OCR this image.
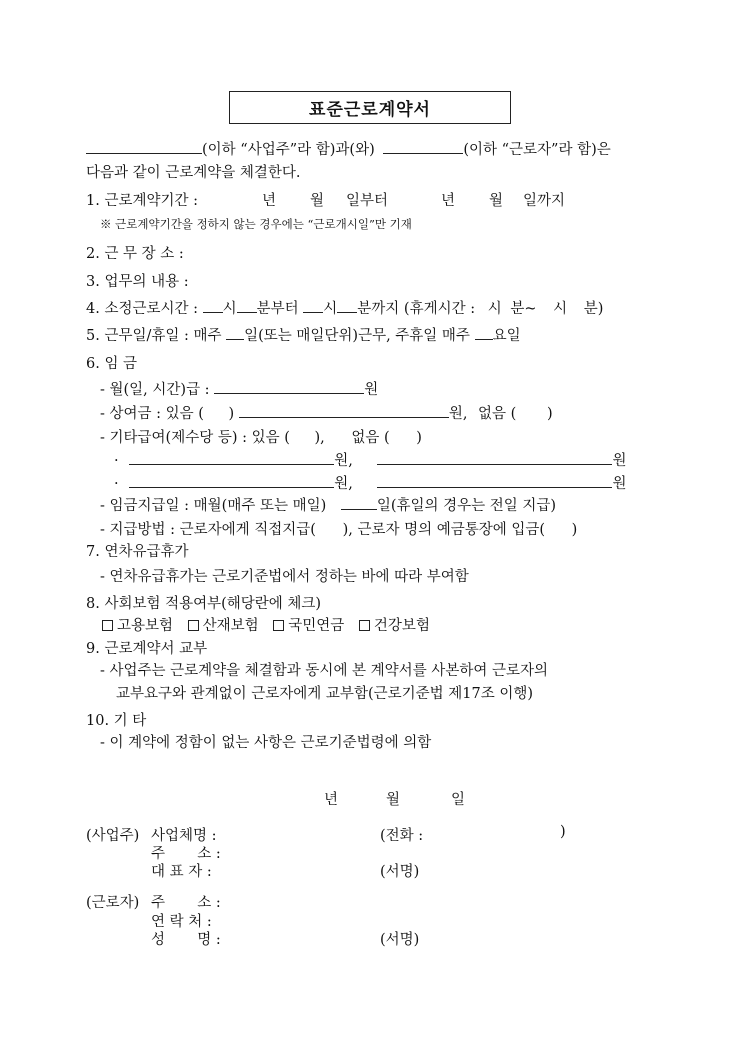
표준근로계약서
(이하 “사업주”라 함)과(와)	(이하 “근로자”라 함)은
다음과 같이 근로계약을 체결한다.
1. 근로계약기간 :	년 월 일부터	년 월 일까지
※ 근로계약기간을 정하지 않는 경우에는 “근로개시일”만 기재
2. 근 무 장 소 :
3. 업무의 내용 :
4. 소정근로시간 : 시 분부터 시 분까지 (휴게시간 : 시 분~ 시 분)
5. 근무일/휴일 : 매주 일(또는 매일단위)근무, 주휴일 매주 요일
6. 임 금
- 월(일, 시간)급 :	원
- 상여금 : 있음 ( )	원, 없음 ( )
- 기타급여(제수당 등) : 있음 ( ), 없음 ( )
·	원,	원
·	원,	원
- 임금지급일 : 매월(매주 또는 매일)	일(휴일의 경우는 전일 지급)
- 지급방법 : 근로자에게 직접지급( ), 근로자 명의 예금통장에 입금( )
7. 연차유급휴가
- 연차유급휴가는 근로기준법에서 정하는 바에 따라 부여함
8. 사회보험 적용여부(해당란에 체크)
고용보험 산재보험 국민연금 건강보험
9. 근로계약서 교부
- 사업주는 근로계약을 체결함과 동시에 본 계약서를 사본하여 근로자의
교부요구와 관계없이 근로자에게 교부함(근로기준법 제17조 이행)
10. 기 타
- 이 계약에 정함이 없는 사항은 근로기준법령에 의함
년	월	일
(사업주) 사업체명 :	(전화 :	)
주       소 :
대 표 자 :	(서명)
(근로자) 주       소 :
연 락 처 :
성       명 :	(서명)
